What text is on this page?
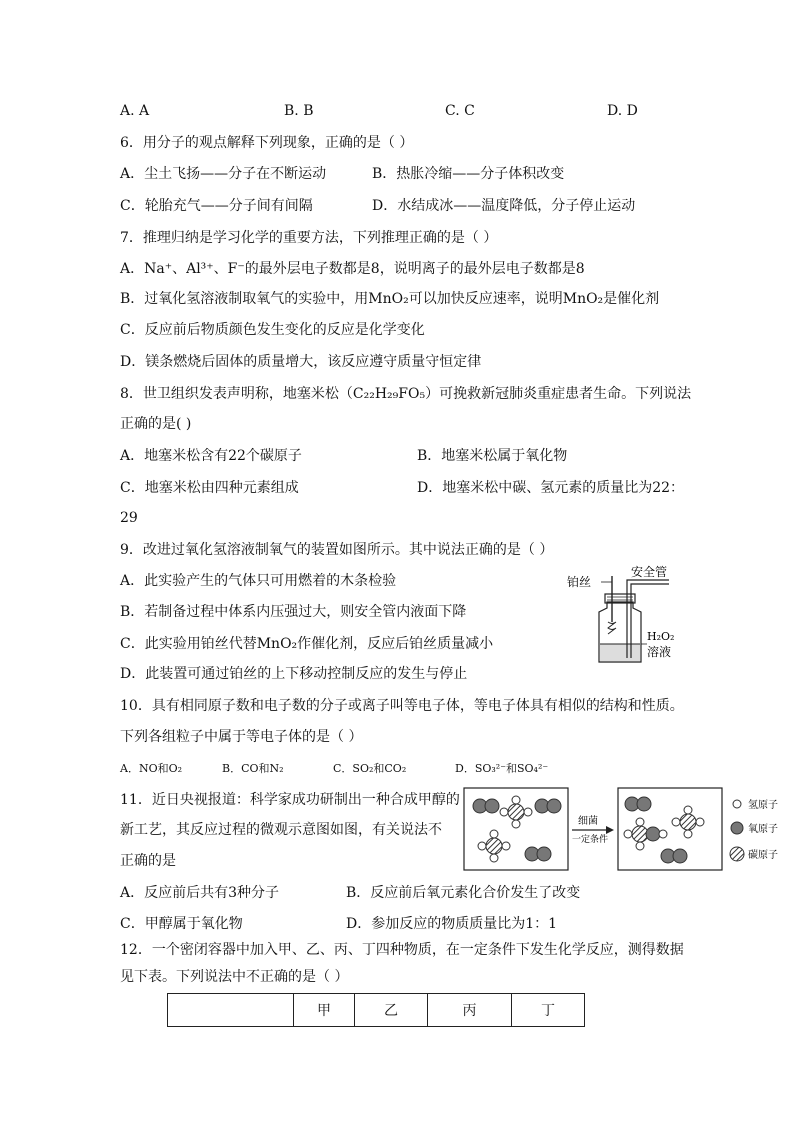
A. A	B. B	C. C	D. D
6．用分子的观点解释下列现象，正确的是（ ）
A．尘土飞扬——分子在不断运动	B．热胀冷缩——分子体积改变
C．轮胎充气——分子间有间隔	D．水结成冰——温度降低，分子停止运动
7．推理归纳是学习化学的重要方法，下列推理正确的是（ ）
A．Na⁺、Al³⁺、F⁻的最外层电子数都是8，说明离子的最外层电子数都是8
B．过氧化氢溶液制取氧气的实验中，用MnO₂可以加快反应速率，说明MnO₂是催化剂
C．反应前后物质颜色发生变化的反应是化学变化
D．镁条燃烧后固体的质量增大，该反应遵守质量守恒定律
8．世卫组织发表声明称，地塞米松（C₂₂H₂₉FO₅）可挽救新冠肺炎重症患者生命。下列说法
正确的是( )
A．地塞米松含有22个碳原子	B．地塞米松属于氧化物
C．地塞米松由四种元素组成	D．地塞米松中碳、氢元素的质量比为22：
29
9．改进过氧化氢溶液制氧气的装置如图所示。其中说法正确的是（ ）
A．此实验产生的气体只可用燃着的木条检验
B．若制备过程中体系内压强过大，则安全管内液面下降
C．此实验用铂丝代替MnO₂作催化剂，反应后铂丝质量减小
D．此装置可通过铂丝的上下移动控制反应的发生与停止
铂丝
安全管
H₂O₂
溶液
10．具有相同原子数和电子数的分子或离子叫等电子体，等电子体具有相似的结构和性质。
下列各组粒子中属于等电子体的是（ ）
A．NO和O₂	B．CO和N₂	C．SO₂和CO₂	D．SO₃²⁻和SO₄²⁻
11．近日央视报道：科学家成功研制出一种合成甲醇的
新工艺，其反应过程的微观示意图如图，有关说法不
正确的是
细菌
一定条件
氢原子
氧原子
碳原子
A．反应前后共有3种分子	B．反应前后氧元素化合价发生了改变
C．甲醇属于氧化物	D．参加反应的物质质量比为1：1
12．一个密闭容器中加入甲、乙、丙、丁四种物质，在一定条件下发生化学反应，测得数据
见下表。下列说法中不正确的是（ ）
	甲	乙	丙	丁
